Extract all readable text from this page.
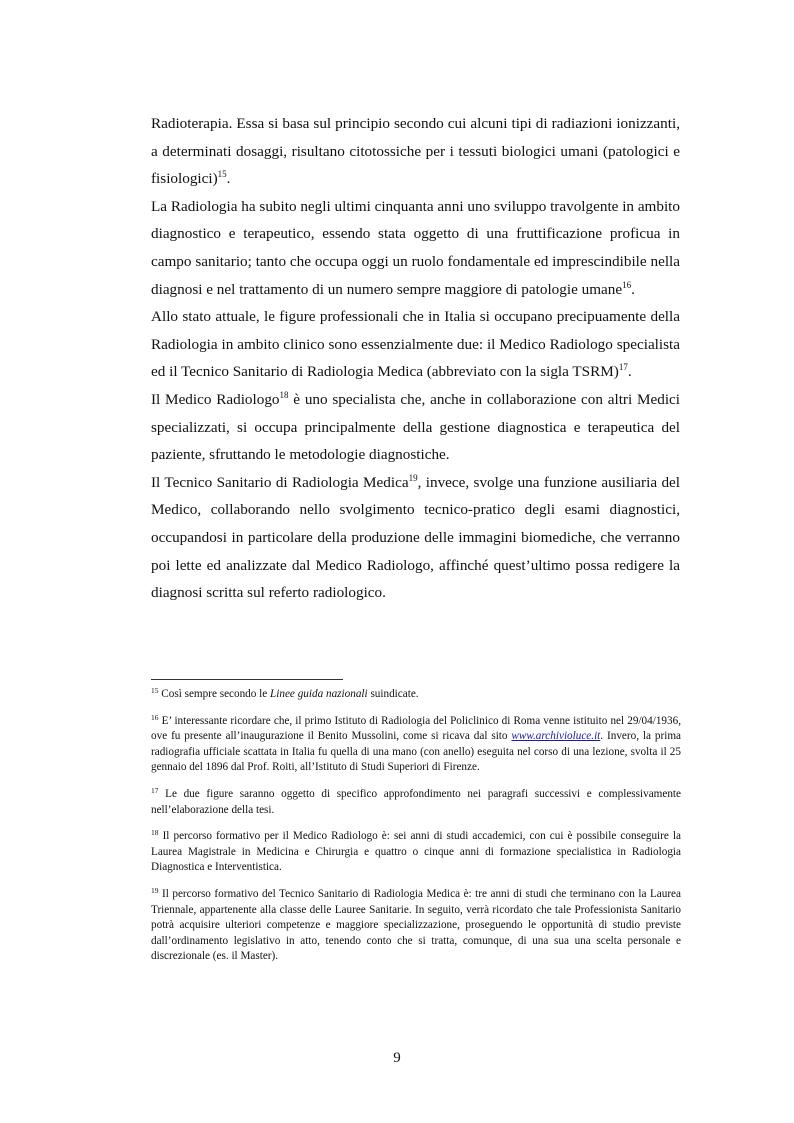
Radioterapia. Essa si basa sul principio secondo cui alcuni tipi di radiazioni ionizzanti, a determinati dosaggi, risultano citotossiche per i tessuti biologici umani (patologici e fisiologici)$^{15}$.

La Radiologia ha subito negli ultimi cinquanta anni uno sviluppo travolgente in ambito diagnostico e terapeutico, essendo stata oggetto di una fruttificazione proficua in campo sanitario; tanto che occupa oggi un ruolo fondamentale ed imprescindibile nella diagnosi e nel trattamento di un numero sempre maggiore di patologie umane$^{16}$.

Allo stato attuale, le figure professionali che in Italia si occupano precipuamente della Radiologia in ambito clinico sono essenzialmente due: il Medico Radiologo specialista ed il Tecnico Sanitario di Radiologia Medica (abbreviato con la sigla TSRM)$^{17}$.

Il Medico Radiologo$^{18}$ è uno specialista che, anche in collaborazione con altri Medici specializzati, si occupa principalmente della gestione diagnostica e terapeutica del paziente, sfruttando le metodologie diagnostiche.

Il Tecnico Sanitario di Radiologia Medica$^{19}$, invece, svolge una funzione ausiliaria del Medico, collaborando nello svolgimento tecnico-pratico degli esami diagnostici, occupandosi in particolare della produzione delle immagini biomediche, che verranno poi lette ed analizzate dal Medico Radiologo, affinché quest’ultimo possa redigere la diagnosi scritta sul referto radiologico.

$^{15}$ Così sempre secondo le Linee guida nazionali suindicate.

$^{16}$ E’ interessante ricordare che, il primo Istituto di Radiologia del Policlinico di Roma venne istituito nel 29/04/1936, ove fu presente all’inaugurazione il Benito Mussolini, come si ricava dal sito www.archivioluce.it. Invero, la prima radiografia ufficiale scattata in Italia fu quella di una mano (con anello) eseguita nel corso di una lezione, svolta il 25 gennaio del 1896 dal Prof. Roiti, all’Istituto di Studi Superiori di Firenze.

$^{17}$ Le due figure saranno oggetto di specifico approfondimento nei paragrafi successivi e complessivamente nell’elaborazione della tesi.

$^{18}$ Il percorso formativo per il Medico Radiologo è: sei anni di studi accademici, con cui è possibile conseguire la Laurea Magistrale in Medicina e Chirurgia e quattro o cinque anni di formazione specialistica in Radiologia Diagnostica e Interventistica.

$^{19}$ Il percorso formativo del Tecnico Sanitario di Radiologia Medica è: tre anni di studi che terminano con la Laurea Triennale, appartenente alla classe delle Lauree Sanitarie. In seguito, verrà ricordato che tale Professionista Sanitario potrà acquisire ulteriori competenze e maggiore specializzazione, proseguendo le opportunità di studio previste dall’ordinamento legislativo in atto, tenendo conto che si tratta, comunque, di una sua una scelta personale e discrezionale (es. il Master).

9
